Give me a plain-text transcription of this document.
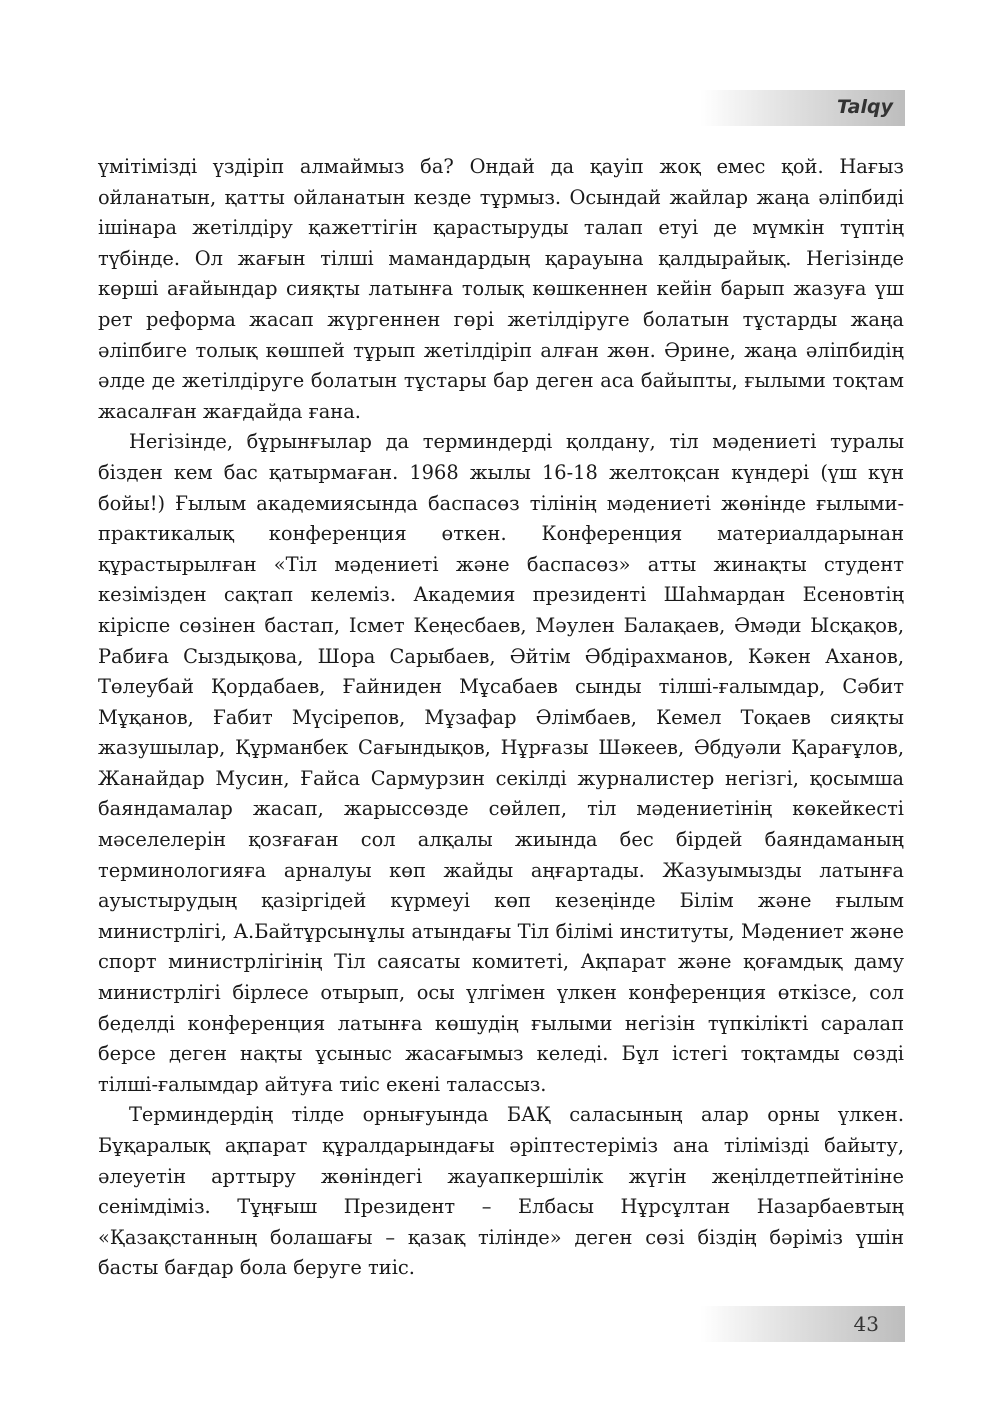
Talqy

үмітімізді үздіріп алмаймыз ба? Ондай да қауіп жоқ емес қой. Нағыз ойланатын, қатты ойланатын кезде тұрмыз. Осындай жайлар жаңа әліпбиді ішінара жетілдіру қажеттігін қарастыруды талап етуі де мүмкін түптің түбінде. Ол жағын тілші мамандардың қарауына қалдырайық. Негізінде көрші ағайындар сияқты латынға толық көшкеннен кейін барып жазуға үш рет реформа жасап жүргеннен гөрі жетілдіруге болатын тұстарды жаңа әліпбиге толық көшпей тұрып жетілдіріп алған жөн. Әрине, жаңа әліпбидің әлде де жетілдіруге болатын тұстары бар деген аса байыпты, ғылыми тоқтам жасалған жағдайда ғана.

Негізінде, бұрынғылар да терминдерді қолдану, тіл мәдениеті туралы бізден кем бас қатырмаған. 1968 жылы 16-18 желтоқсан күндері (үш күн бойы!) Ғылым академиясында баспасөз тілінің мәдениеті жөнінде ғылыми-практикалық конференция өткен. Конференция материалдарынан құрастырылған «Тіл мәдениеті және баспасөз» атты жинақты студент кезімізден сақтап келеміз. Академия президенті Шаһмардан Есеновтің кіріспе сөзінен бастап, Ісмет Кеңесбаев, Мәулен Балақаев, Әмәди Ысқақов, Рабиға Сыздықова, Шора Сарыбаев, Әйтім Әбдірахманов, Кәкен Аханов, Төлеубай Қордабаев, Ғайниден Мұсабаев сынды тілші-ғалымдар, Сәбит Мұқанов, Ғабит Мүсірепов, Мұзафар Әлімбаев, Кемел Тоқаев сияқты жазушылар, Құрманбек Сағындықов, Нұрғазы Шәкеев, Әбдуәли Қарағұлов, Жанайдар Мусин, Ғайса Сармурзин секілді журналистер негізгі, қосымша баяндамалар жасап, жарыссөзде сөйлеп, тіл мәдениетінің көкейкесті мәселелерін қозғаған сол алқалы жиында бес бірдей баяндаманың терминологияға арналуы көп жайды аңғартады. Жазуымызды латынға ауыстырудың қазіргідей күрмеуі көп кезеңінде Білім және ғылым министрлігі, А.Байтұрсынұлы атындағы Тіл білімі институты, Мәдениет және спорт министрлігінің Тіл саясаты комитеті, Ақпарат және қоғамдық даму министрлігі бірлесе отырып, осы үлгімен үлкен конференция өткізсе, сол беделді конференция латынға көшудің ғылыми негізін түпкілікті саралап берсе деген нақты ұсыныс жасағымыз келеді. Бұл істегі тоқтамды сөзді тілші-ғалымдар айтуға тиіс екені талассыз.

Терминдердің тілде орнығуында БАҚ саласының алар орны үлкен. Бұқаралық ақпарат құралдарындағы әріптестеріміз ана тілімізді байыту, әлеуетін арттыру жөніндегі жауапкершілік жүгін жеңілдетпейтініне сенімдіміз. Тұңғыш Президент – Елбасы Нұрсұлтан Назарбаевтың «Қазақстанның болашағы – қазақ тілінде» деген сөзі біздің бәріміз үшін басты бағдар бола беруге тиіс.

43
